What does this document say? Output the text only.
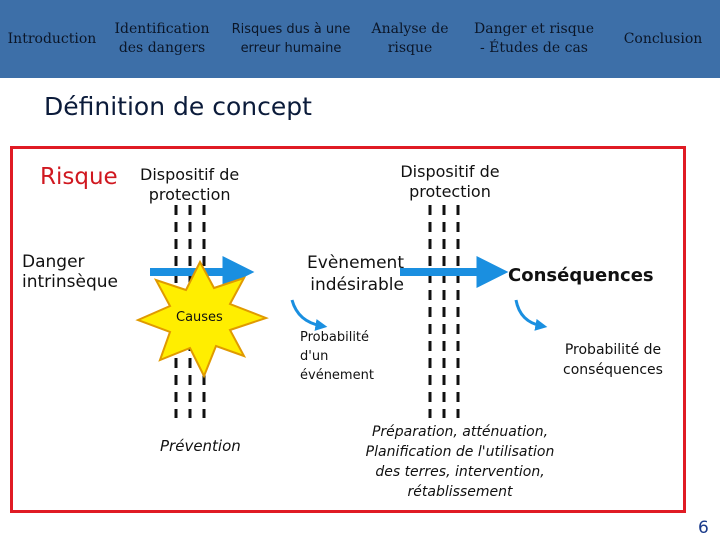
Introduction
Identification
des dangers
Risques dus à une
erreur humaine
Analyse de
risque
Danger et risque
- Études de cas
Conclusion
Définition de concept
Risque Dispositif de
protection
Dispositif de
protection
Danger
intrinsèque
Evènement
indésirable	Conséquences
Causes
Probabilité
d'un
événement
Probabilité de
conséquences
Prévention
Préparation, atténuation,
Planification de l'utilisation
des terres, intervention,
rétablissement
6
